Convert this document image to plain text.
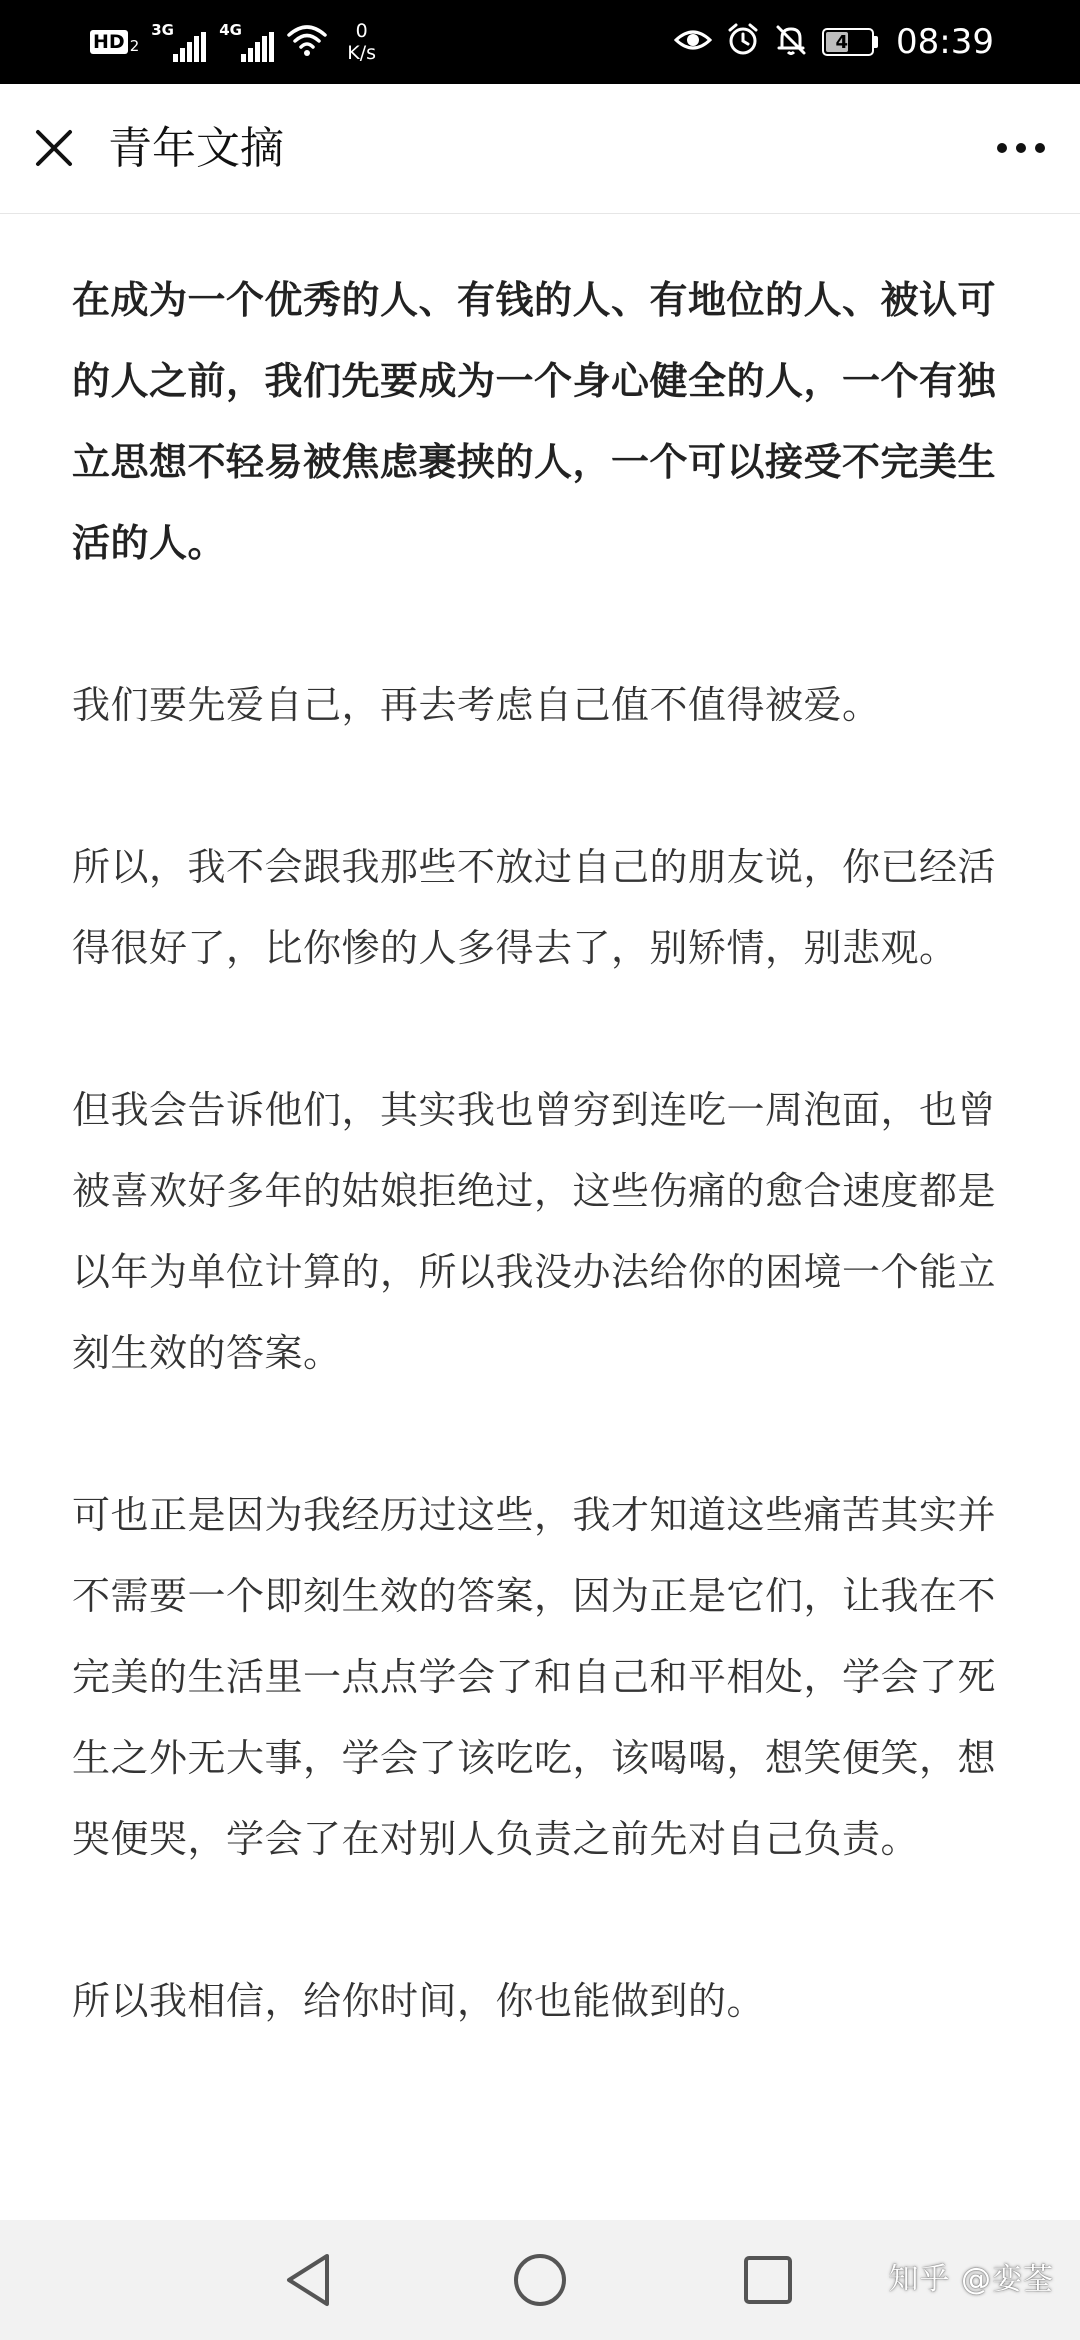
HD 2
3G	4G	0
K/s	49 08:39
青年文摘

在成为一个优秀的人、有钱的人、有地位的人、被认可的人之前，我们先要成为一个身心健全的人，一个有独立思想不轻易被焦虑裹挟的人，一个可以接受不完美生活的人。

我们要先爱自己，再去考虑自己值不值得被爱。

所以，我不会跟我那些不放过自己的朋友说，你已经活得很好了，比你惨的人多得去了，别矫情，别悲观。

但我会告诉他们，其实我也曾穷到连吃一周泡面，也曾被喜欢好多年的姑娘拒绝过，这些伤痛的愈合速度都是以年为单位计算的，所以我没办法给你的困境一个能立刻生效的答案。

可也正是因为我经历过这些，我才知道这些痛苦其实并不需要一个即刻生效的答案，因为正是它们，让我在不完美的生活里一点点学会了和自己和平相处，学会了死生之外无大事，学会了该吃吃，该喝喝，想笑便笑，想哭便哭，学会了在对别人负责之前先对自己负责。

所以我相信，给你时间，你也能做到的。

知乎 @娈荃
